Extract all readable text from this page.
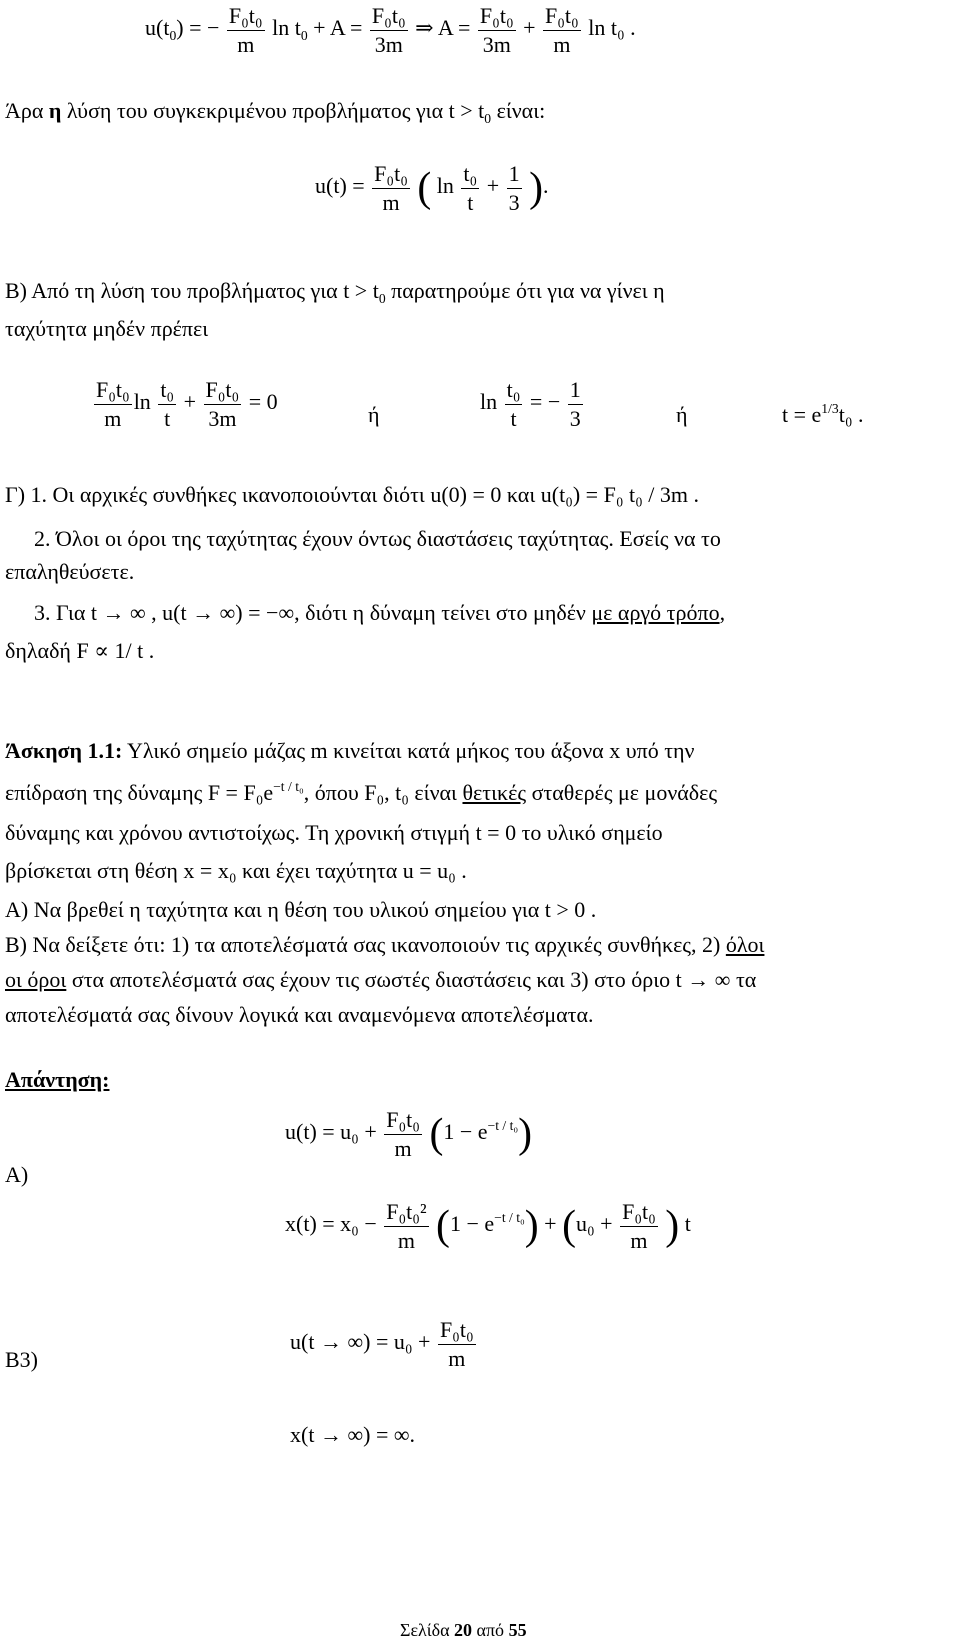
$u(t_0)$ = − $\frac{\text{F₀t₀}}{m}$ $\ln t_0 + A = \frac{\text{F₀t₀}}{3m}$ ⇒ $A = \frac{\text{F₀t₀}}{3m} + \frac{\text{F₀t₀}}{m}$ ln t₀ .
Άρα η λύση του συγκεκριμένου προβλήματος για $t > t_0$ είναι:
$u(t) = \frac{\text{F₀t₀}}{m}$ ( $\ln \frac{\text{t₀}}{t} + \frac{1}{3}$ ).
Β) Από τη λύση του προβλήματος για $t > t_0$ παρατηρούμε ότι για να γίνει η
ταχύτητα μηδέν πρέπει
$\frac{\text{F₀t₀}}{m}$ $\ln \frac{\text{t₀}}{t} + \frac{\text{F₀t₀}}{3m} = 0$
ή
$\ln \frac{\text{t₀}}{t}$ = − $\frac{1}{3}$	ή	$t = e^{1/3}t_0$ .
Γ) 1. Οι αρχικές συνθήκες ικανοποιούνται διότι u(0) = 0 και u(t₀) = F₀ t₀ / 3m .
2. Όλοι οι όροι της ταχύτητας έχουν όντως διαστάσεις ταχύτητας. Εσείς να το
επαληθεύσετε.
3. Για t → ∞ , u(t → ∞) = −∞, διότι η δύναμη τείνει στο μηδέν με αργό τρόπο,
δηλαδή F ∝ 1/ t .
Άσκηση 1.1: Υλικό σημείο μάζας m κινείται κατά μήκος του άξονα x υπό την
επίδραση της δύναμης $F = F_0e^{-t / t_0}$, όπου F₀, t₀ είναι θετικές σταθερές με μονάδες
δύναμης και χρόνου αντιστοίχως. Τη χρονική στιγμή t = 0 το υλικό σημείο
βρίσκεται στη θέση x = x₀ και έχει ταχύτητα u = u₀ .
Α) Να βρεθεί η ταχύτητα και η θέση του υλικού σημείου για t > 0 .
Β) Να δείξετε ότι: 1) τα αποτελέσματά σας ικανοποιούν τις αρχικές συνθήκες, 2) όλοι
οι όροι στα αποτελέσματά σας έχουν τις σωστές διαστάσεις και 3) στο όριο t → ∞ τα
αποτελέσματά σας δίνουν λογικά και αναμενόμενα αποτελέσματα.
Απάντηση:
Α)
$u(t) = u_0 + \frac{\text{F₀t₀}}{m} (1 - e^{-t / t_0})$
$x(t) = x_0 - \frac{\text{F₀t₀²}}{m} (1 - e^{-t / t_0}) + (u_0 + \frac{\text{F₀t₀}}{m}$ ) t
Β3)
u(t → ∞) = $u_0 + \frac{\text{F₀t₀}}{m}$
x(t → ∞) = ∞.
Σελίδα 20 από 55
